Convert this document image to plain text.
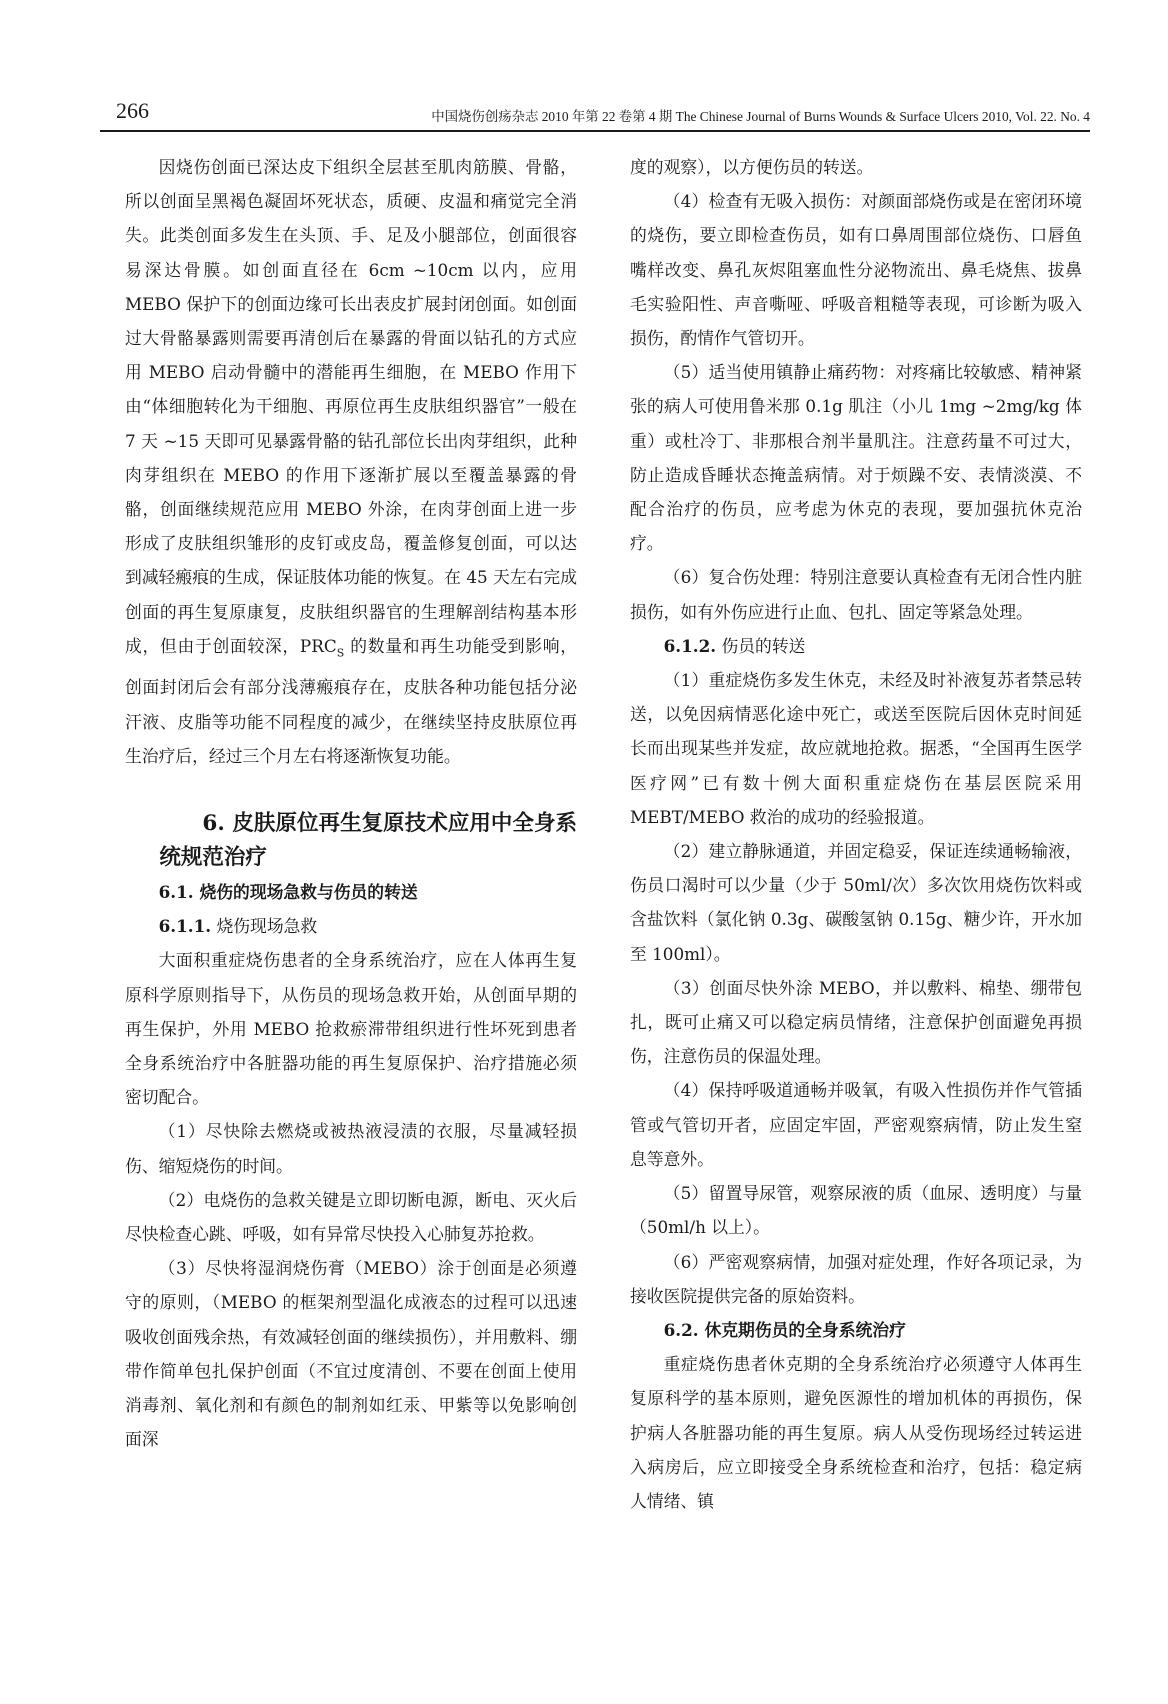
266	中国烧伤创疡杂志 2010 年第 22 卷第 4 期 The Chinese Journal of Burns Wounds & Surface Ulcers 2010, Vol. 22. No. 4

因烧伤创面已深达皮下组织全层甚至肌肉筋膜、骨骼，所以创面呈黑褐色凝固坏死状态，质硬、皮温和痛觉完全消失。此类创面多发生在头顶、手、足及小腿部位，创面很容易深达骨膜。如创面直径在 6cm ~10cm 以内，应用 MEBO 保护下的创面边缘可长出表皮扩展封闭创面。如创面过大骨骼暴露则需要再清创后在暴露的骨面以钻孔的方式应用 MEBO 启动骨髓中的潜能再生细胞，在 MEBO 作用下由“体细胞转化为干细胞、再原位再生皮肤组织器官”一般在 7 天 ~15 天即可见暴露骨骼的钻孔部位长出肉芽组织，此种肉芽组织在 MEBO 的作用下逐渐扩展以至覆盖暴露的骨骼，创面继续规范应用 MEBO 外涂，在肉芽创面上进一步形成了皮肤组织雏形的皮钉或皮岛，覆盖修复创面，可以达到减轻瘢痕的生成，保证肢体功能的恢复。在 45 天左右完成创面的再生复原康复，皮肤组织器官的生理解剖结构基本形成，但由于创面较深，$PRC_S$ 的数量和再生功能受到影响，创面封闭后会有部分浅薄瘢痕存在，皮肤各种功能包括分泌汗液、皮脂等功能不同程度的减少，在继续坚持皮肤原位再生治疗后，经过三个月左右将逐渐恢复功能。

6. 皮肤原位再生复原技术应用中全身系统规范治疗

6.1. 烧伤的现场急救与伤员的转送

6.1.1. 烧伤现场急救

大面积重症烧伤患者的全身系统治疗，应在人体再生复原科学原则指导下，从伤员的现场急救开始，从创面早期的再生保护，外用 MEBO 抢救瘀滞带组织进行性坏死到患者全身系统治疗中各脏器功能的再生复原保护、治疗措施必须密切配合。

（1）尽快除去燃烧或被热液浸渍的衣服，尽量减轻损伤、缩短烧伤的时间。

（2）电烧伤的急救关键是立即切断电源，断电、灭火后尽快检查心跳、呼吸，如有异常尽快投入心肺复苏抢救。

（3）尽快将湿润烧伤膏（MEBO）涂于创面是必须遵守的原则，（MEBO 的框架剂型温化成液态的过程可以迅速吸收创面残余热，有效减轻创面的继续损伤），并用敷料、绷带作简单包扎保护创面（不宜过度清创、不要在创面上使用消毒剂、氧化剂和有颜色的制剂如红汞、甲紫等以免影响创面深

度的观察），以方便伤员的转送。

（4）检查有无吸入损伤：对颜面部烧伤或是在密闭环境的烧伤，要立即检查伤员，如有口鼻周围部位烧伤、口唇鱼嘴样改变、鼻孔灰烬阻塞血性分泌物流出、鼻毛烧焦、拔鼻毛实验阳性、声音嘶哑、呼吸音粗糙等表现，可诊断为吸入损伤，酌情作气管切开。

（5）适当使用镇静止痛药物：对疼痛比较敏感、精神紧张的病人可使用鲁米那 0.1g 肌注（小儿 1mg ~2mg/kg 体重）或杜冷丁、非那根合剂半量肌注。注意药量不可过大，防止造成昏睡状态掩盖病情。对于烦躁不安、表情淡漠、不配合治疗的伤员，应考虑为休克的表现，要加强抗休克治疗。

（6）复合伤处理：特别注意要认真检查有无闭合性内脏损伤，如有外伤应进行止血、包扎、固定等紧急处理。

6.1.2. 伤员的转送

（1）重症烧伤多发生休克，未经及时补液复苏者禁忌转送，以免因病情恶化途中死亡，或送至医院后因休克时间延长而出现某些并发症，故应就地抢救。据悉，“全国再生医学医疗网”已有数十例大面积重症烧伤在基层医院采用 MEBT/MEBO 救治的成功的经验报道。

（2）建立静脉通道，并固定稳妥，保证连续通畅输液，伤员口渴时可以少量（少于 50ml/次）多次饮用烧伤饮料或含盐饮料（氯化钠 0.3g、碳酸氢钠 0.15g、糖少许，开水加至 100ml）。

（3）创面尽快外涂 MEBO，并以敷料、棉垫、绷带包扎，既可止痛又可以稳定病员情绪，注意保护创面避免再损伤，注意伤员的保温处理。

（4）保持呼吸道通畅并吸氧，有吸入性损伤并作气管插管或气管切开者，应固定牢固，严密观察病情，防止发生窒息等意外。

（5）留置导尿管，观察尿液的质（血尿、透明度）与量（50ml/h 以上）。

（6）严密观察病情，加强对症处理，作好各项记录，为接收医院提供完备的原始资料。

6.2. 休克期伤员的全身系统治疗

重症烧伤患者休克期的全身系统治疗必须遵守人体再生复原科学的基本原则，避免医源性的增加机体的再损伤，保护病人各脏器功能的再生复原。病人从受伤现场经过转运进入病房后，应立即接受全身系统检查和治疗，包括：稳定病人情绪、镇
